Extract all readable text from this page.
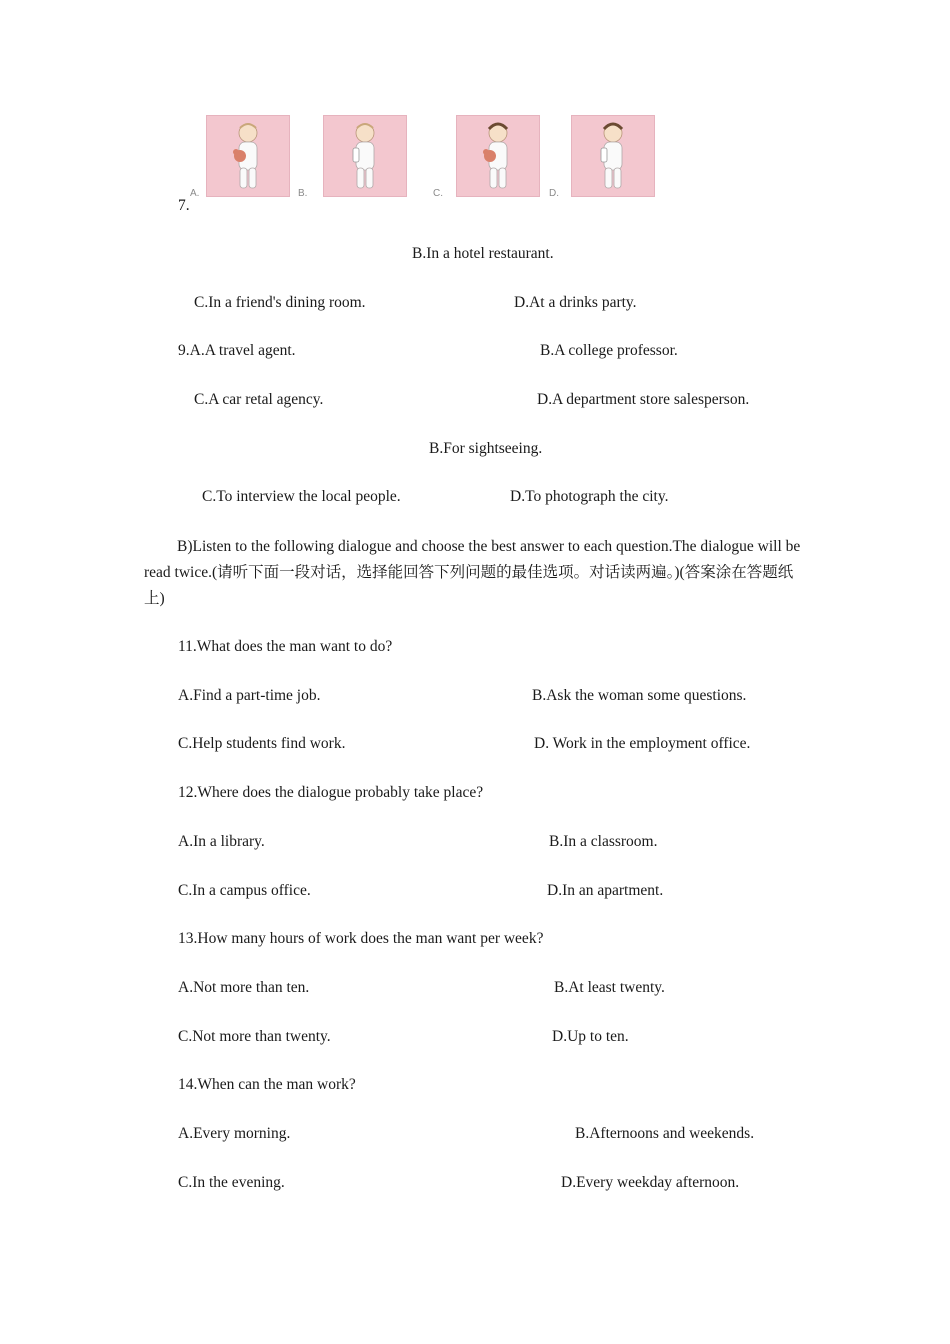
A.	B.	C.	D.
7.
B.In a hotel restaurant.
C.In a friend's dining room.	D.At a drinks party.
9.A.A travel agent.	B.A college professor.
C.A car retal agency.	D.A department store salesperson.
B.For sightseeing.
C.To interview the local people.	D.To photograph the city.
B)Listen to the following dialogue and choose the best answer to each question.The dialogue will be read twice.(请听下面一段对话，选择能回答下列问题的最佳选项。对话读两遍。)(答案涂在答题纸上)
11.What does the man want to do?
A.Find a part-time job.	B.Ask the woman some questions.
C.Help students find work.	D. Work in the employment office.
12.Where does the dialogue probably take place?
A.In a library.	B.In a classroom.
C.In a campus office.	D.In an apartment.
13.How many hours of work does the man want per week?
A.Not more than ten.	B.At least twenty.
C.Not more than twenty.	D.Up to ten.
14.When can the man work?
A.Every morning.	B.Afternoons and weekends.
C.In the evening.	D.Every weekday afternoon.
